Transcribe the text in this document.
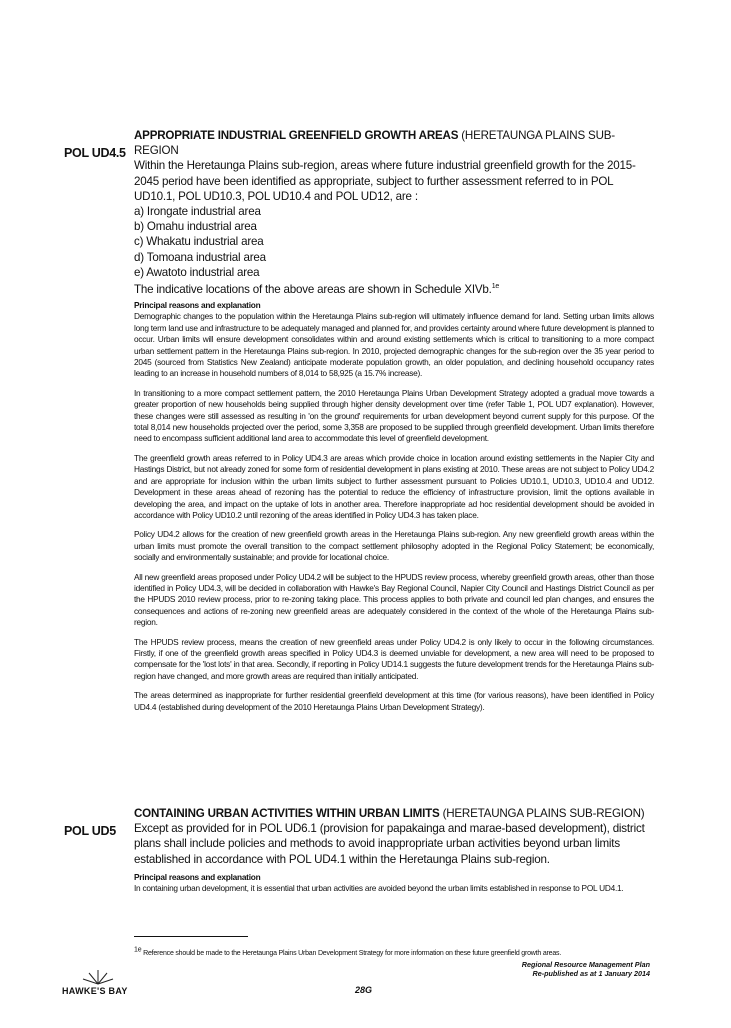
POL UD4.5

APPROPRIATE INDUSTRIAL GREENFIELD GROWTH AREAS (HERETAUNGA PLAINS SUB-REGION

Within the Heretaunga Plains sub-region, areas where future industrial greenfield growth for the 2015-2045 period have been identified as appropriate, subject to further assessment referred to in POL UD10.1, POL UD10.3, POL UD10.4 and POL UD12, are :

a) Irongate industrial area
b) Omahu industrial area
c) Whakatu industrial area
d) Tomoana industrial area
e) Awatoto industrial area

The indicative locations of the above areas are shown in Schedule XIVb.$^{1e}$

Principal reasons and explanation

Demographic changes to the population within the Heretaunga Plains sub-region will ultimately influence demand for land. Setting urban limits allows long term land use and infrastructure to be adequately managed and planned for, and provides certainty around where future development is planned to occur. Urban limits will ensure development consolidates within and around existing settlements which is critical to transitioning to a more compact urban settlement pattern in the Heretaunga Plains sub-region. In 2010, projected demographic changes for the sub-region over the 35 year period to 2045 (sourced from Statistics New Zealand) anticipate moderate population growth, an older population, and declining household occupancy rates leading to an increase in household numbers of 8,014 to 58,925 (a 15.7% increase).

In transitioning to a more compact settlement pattern, the 2010 Heretaunga Plains Urban Development Strategy adopted a gradual move towards a greater proportion of new households being supplied through higher density development over time (refer Table 1, POL UD7 explanation). However, these changes were still assessed as resulting in 'on the ground' requirements for urban development beyond current supply for this purpose. Of the total 8,014 new households projected over the period, some 3,358 are proposed to be supplied through greenfield development. Urban limits therefore need to encompass sufficient additional land area to accommodate this level of greenfield development.

The greenfield growth areas referred to in Policy UD4.3 are areas which provide choice in location around existing settlements in the Napier City and Hastings District, but not already zoned for some form of residential development in plans existing at 2010. These areas are not subject to Policy UD4.2 and are appropriate for inclusion within the urban limits subject to further assessment pursuant to Policies UD10.1, UD10.3, UD10.4 and UD12. Development in these areas ahead of rezoning has the potential to reduce the efficiency of infrastructure provision, limit the options available in developing the area, and impact on the uptake of lots in another area. Therefore inappropriate ad hoc residential development should be avoided in accordance with Policy UD10.2 until rezoning of the areas identified in Policy UD4.3 has taken place.

Policy UD4.2 allows for the creation of new greenfield growth areas in the Heretaunga Plains sub-region. Any new greenfield growth areas within the urban limits must promote the overall transition to the compact settlement philosophy adopted in the Regional Policy Statement; be economically, socially and environmentally sustainable; and provide for locational choice.

All new greenfield areas proposed under Policy UD4.2 will be subject to the HPUDS review process, whereby greenfield growth areas, other than those identified in Policy UD4.3, will be decided in collaboration with Hawke's Bay Regional Council, Napier City Council and Hastings District Council as per the HPUDS 2010 review process, prior to re-zoning taking place. This process applies to both private and council led plan changes, and ensures the consequences and actions of re-zoning new greenfield areas are adequately considered in the context of the whole of the Heretaunga Plains sub-region.

The HPUDS review process, means the creation of new greenfield areas under Policy UD4.2 is only likely to occur in the following circumstances. Firstly, if one of the greenfield growth areas specified in Policy UD4.3 is deemed unviable for development, a new area will need to be proposed to compensate for the 'lost lots' in that area. Secondly, if reporting in Policy UD14.1 suggests the future development trends for the Heretaunga Plains sub-region have changed, and more growth areas are required than initially anticipated.

The areas determined as inappropriate for further residential greenfield development at this time (for various reasons), have been identified in Policy UD4.4 (established during development of the 2010 Heretaunga Plains Urban Development Strategy).

POL UD5

CONTAINING URBAN ACTIVITIES WITHIN URBAN LIMITS (HERETAUNGA PLAINS SUB-REGION)

Except as provided for in POL UD6.1 (provision for papakainga and marae-based development), district plans shall include policies and methods to avoid inappropriate urban activities beyond urban limits established in accordance with POL UD4.1 within the Heretaunga Plains sub-region.

Principal reasons and explanation

In containing urban development, it is essential that urban activities are avoided beyond the urban limits established in response to POL UD4.1.

$^{1e}$ Reference should be made to the Heretaunga Plains Urban Development Strategy for more information on these future greenfield growth areas.
HAWKE'S BAY	28G
Regional Resource Management Plan
Re-published as at 1 January 2014
